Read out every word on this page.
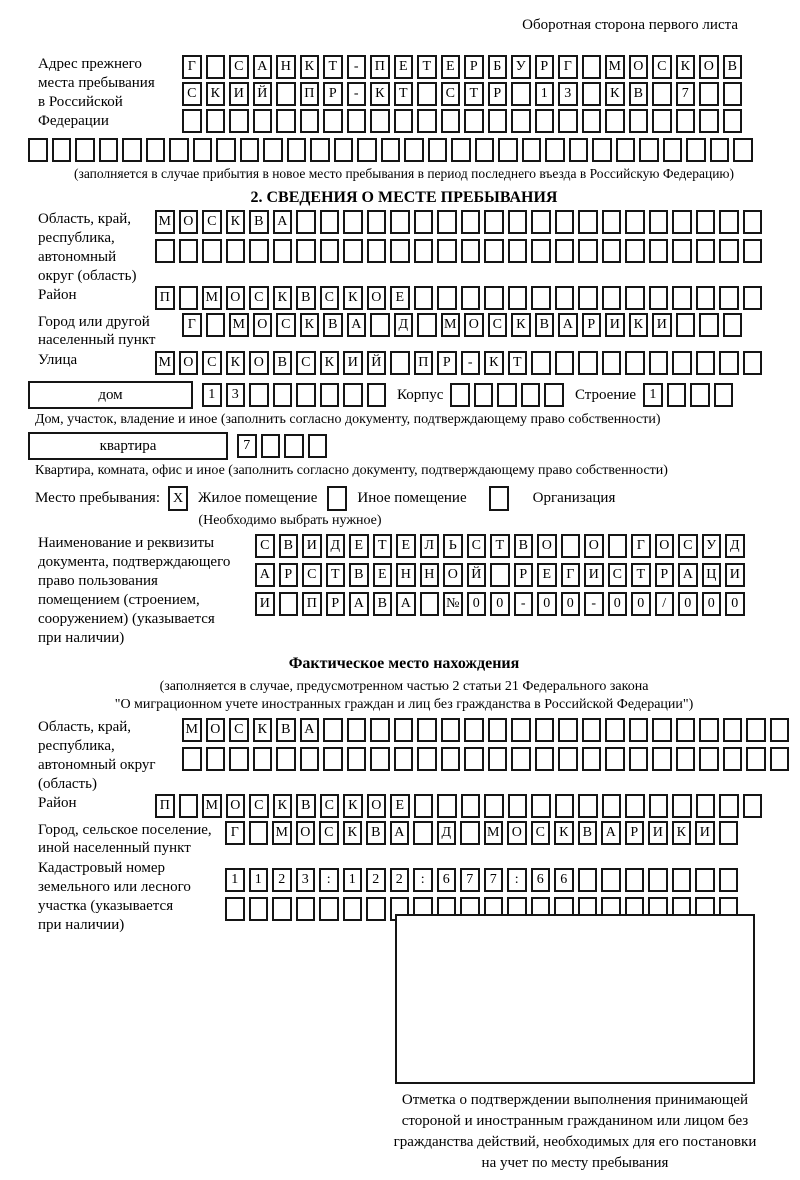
Оборотная сторона первого листа
Адрес прежнего
места пребывания
в Российской
Федерации
Г	С А Н К Т - П Е Т Е Р Б У Р Г	М О С К О В
С К И Й	П Р - К Т	С Т Р	1 3	К В	7
(заполняется в случае прибытия в новое место пребывания в период последнего въезда в Российскую Федерацию)
2. СВЕДЕНИЯ О МЕСТЕ ПРЕБЫВАНИЯ
Область, край,
республика,
автономный
округ (область)
М О С К В А
Район	П	М О С К В С К О Е
Город или другой
населенный пункт
Г	М О С К В А	Д	М О С К В А Р И К И
Улица	М О С К О В С К И Й	П Р - К Т
дом	1 3	Корпус	Строение 1
Дом, участок, владение и иное (заполнить согласно документу, подтверждающему право собственности)
квартира	7
Квартира, комната, офис и иное (заполнить согласно документу, подтверждающему право собственности)
Место пребывания: X Жилое помещение	Иное помещение	Организация
(Необходимо выбрать нужное)
Наименование и реквизиты
документа, подтверждающего
право пользования
помещением (строением,
сооружением) (указывается
при наличии)
С В И Д Е Т Е Л Ь С Т В О	О	Г О С У Д
А Р С Т В Е Н Н О Й	Р Е Г И С Т Р А Ц И
И	П Р А В А	№ 0 0 - 0 0 - 0 0 / 0 0 0
Фактическое место нахождения
(заполняется в случае, предусмотренном частью 2 статьи 21 Федерального закона
"О миграционном учете иностранных граждан и лиц без гражданства в Российской Федерации")
Область, край,
республика,
автономный округ
(область)
М О С К В А
Район	П	М О С К В С К О Е
Город, сельское поселение,
иной населенный пункт
Г	М О С К В А	Д	М О С К В А Р И К И
Кадастровый номер
земельного или лесного
участка (указывается
при наличии)
1 1 2 3 : 1 2 2 : 6 7 7 : 6 6
Отметка о подтверждении выполнения принимающей
стороной и иностранным гражданином или лицом без
гражданства действий, необходимых для его постановки
на учет по месту пребывания
